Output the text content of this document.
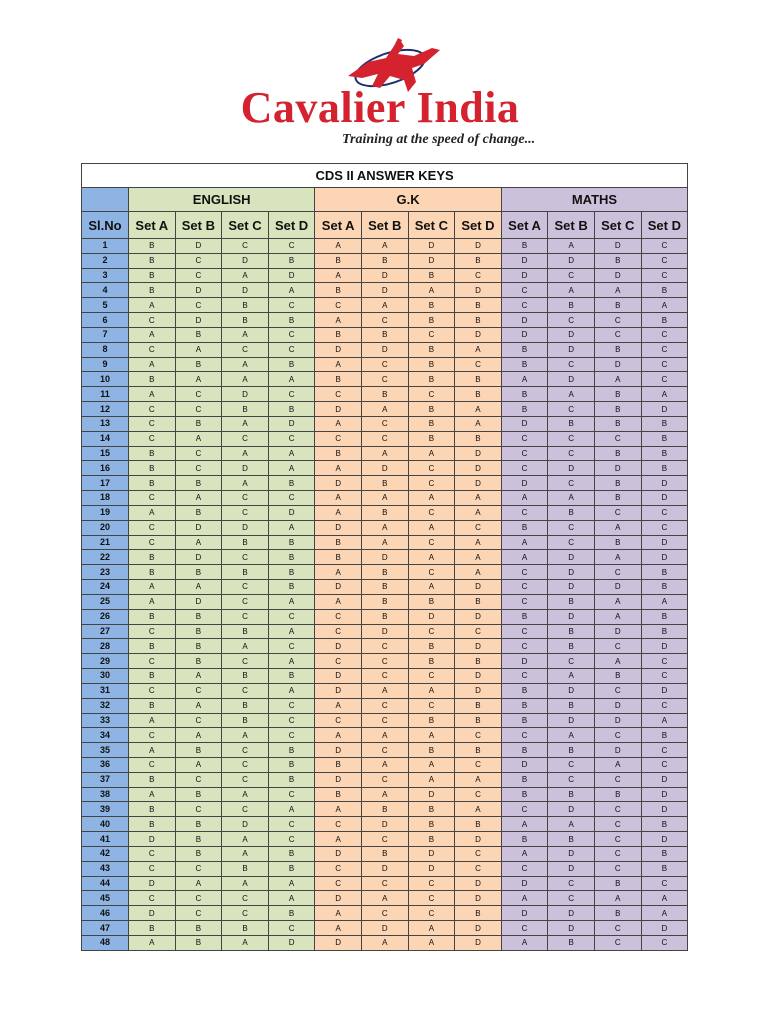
Cavalier India
Training at the speed of change...
CDS II ANSWER KEYS												
	ENGLISH				G.K				MATHS			
Sl.No	Set A	Set B	Set C	Set D	Set A	Set B	Set C	Set D	Set A	Set B	Set C	Set D
1	B	D	C	C	A	A	D	D	B	A	D	C
2	B	C	D	B	B	B	D	B	D	D	B	C
3	B	C	A	D	A	D	B	C	D	C	D	C
4	B	D	D	A	B	D	A	D	C	A	A	B
5	A	C	B	C	C	A	B	B	C	B	B	A
6	C	D	B	B	A	C	B	B	D	C	C	B
7	A	B	A	C	B	B	C	D	D	D	C	C
8	C	A	C	C	D	D	B	A	B	D	B	C
9	A	B	A	B	A	C	B	C	B	C	D	C
10	B	A	A	A	B	C	B	B	A	D	A	C
11	A	C	D	C	C	B	C	B	B	A	B	A
12	C	C	B	B	D	A	B	A	B	C	B	D
13	C	B	A	D	A	C	B	A	D	B	B	B
14	C	A	C	C	C	C	B	B	C	C	C	B
15	B	C	A	A	B	A	A	D	C	C	B	B
16	B	C	D	A	A	D	C	D	C	D	D	B
17	B	B	A	B	D	B	C	D	D	C	B	D
18	C	A	C	C	A	A	A	A	A	A	B	D
19	A	B	C	D	A	B	C	A	C	B	C	C
20	C	D	D	A	D	A	A	C	B	C	A	C
21	C	A	B	B	B	A	C	A	A	C	B	D
22	B	D	C	B	B	D	A	A	A	D	A	D
23	B	B	B	B	A	B	C	A	C	D	C	B
24	A	A	C	B	D	B	A	D	C	D	D	B
25	A	D	C	A	A	B	B	B	C	B	A	A
26	B	B	C	C	C	B	D	D	B	D	A	B
27	C	B	B	A	C	D	C	C	C	B	D	B
28	B	B	A	C	D	C	B	D	C	B	C	D
29	C	B	C	A	C	C	B	B	D	C	A	C
30	B	A	B	B	D	C	C	D	C	A	B	C
31	C	C	C	A	D	A	A	D	B	D	C	D
32	B	A	B	C	A	C	C	B	B	B	D	C
33	A	C	B	C	C	C	B	B	B	D	D	A
34	C	A	A	C	A	A	A	C	C	A	C	B
35	A	B	C	B	D	C	B	B	B	B	D	C
36	C	A	C	B	B	A	A	C	D	C	A	C
37	B	C	C	B	D	C	A	A	B	C	C	D
38	A	B	A	C	B	A	D	C	B	B	B	D
39	B	C	C	A	A	B	B	A	C	D	C	D
40	B	B	D	C	C	D	B	B	A	A	C	B
41	D	B	A	C	A	C	B	D	B	B	C	D
42	C	B	A	B	D	B	D	C	A	D	C	B
43	C	C	B	B	C	D	D	C	C	D	C	B
44	D	A	A	A	C	C	C	D	D	C	B	C
45	C	C	C	A	D	A	C	D	A	C	A	A
46	D	C	C	B	A	C	C	B	D	D	B	A
47	B	B	B	C	A	D	A	D	C	D	C	D
48	A	B	A	D	D	A	A	D	A	B	C	C
